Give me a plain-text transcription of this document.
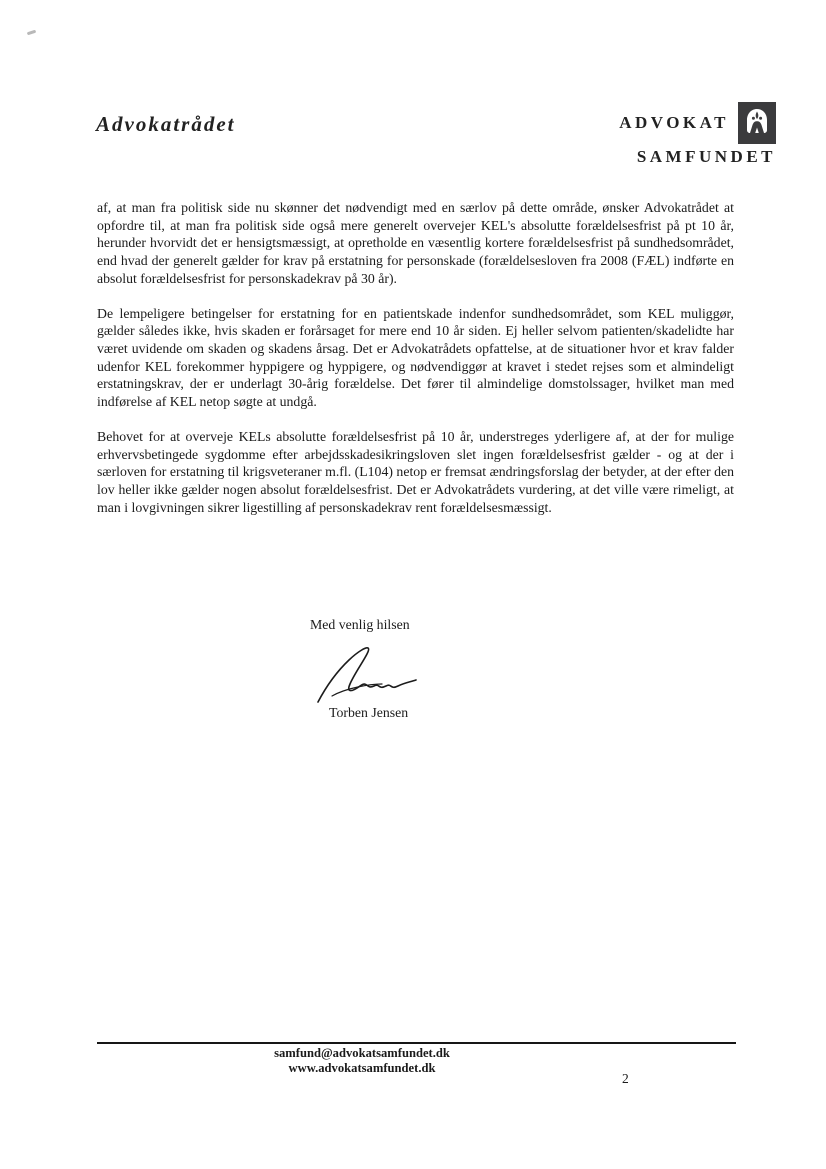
Advokatrådet	ADVOKAT
SAMFUNDET

af, at man fra politisk side nu skønner det nødvendigt med en særlov på dette område, ønsker Advokatrådet at opfordre til, at man fra politisk side også mere generelt overvejer KEL's absolutte forældelsesfrist på pt 10 år, herunder hvorvidt det er hensigtsmæssigt, at opretholde en væsentlig kortere forældelsesfrist på sundhedsområdet, end hvad der generelt gælder for krav på erstatning for personskade (forældelsesloven fra 2008 (FÆL) indførte en absolut forældelsesfrist for personskadekrav på 30 år).

De lempeligere betingelser for erstatning for en patientskade indenfor sundhedsområdet, som KEL muliggør, gælder således ikke, hvis skaden er forårsaget for mere end 10 år siden. Ej heller selvom patienten/skadelidte har været uvidende om skaden og skadens årsag. Det er Advokatrådets opfattelse, at de situationer hvor et krav falder udenfor KEL forekommer hyppigere og hyppigere, og nødvendiggør at kravet i stedet rejses som et almindeligt erstatningskrav, der er underlagt 30-årig forældelse. Det fører til almindelige domstolssager, hvilket man med indførelse af KEL netop søgte at undgå.

Behovet for at overveje KELs absolutte forældelsesfrist på 10 år, understreges yderligere af, at der for mulige erhvervsbetingede sygdomme efter arbejdsskadesikringsloven slet ingen forældelsesfrist gælder - og at der i særloven for erstatning til krigsveteraner m.fl. (L104) netop er fremsat ændringsforslag der betyder, at der efter den lov heller ikke gælder nogen absolut forældelsesfrist. Det er Advokatrådets vurdering, at det ville være rimeligt, at man i lovgivningen sikrer ligestilling af personskadekrav rent forældelsesmæssigt.

Med venlig hilsen
Torben Jensen
samfund@advokatsamfundet.dk
www.advokatsamfundet.dk
2
